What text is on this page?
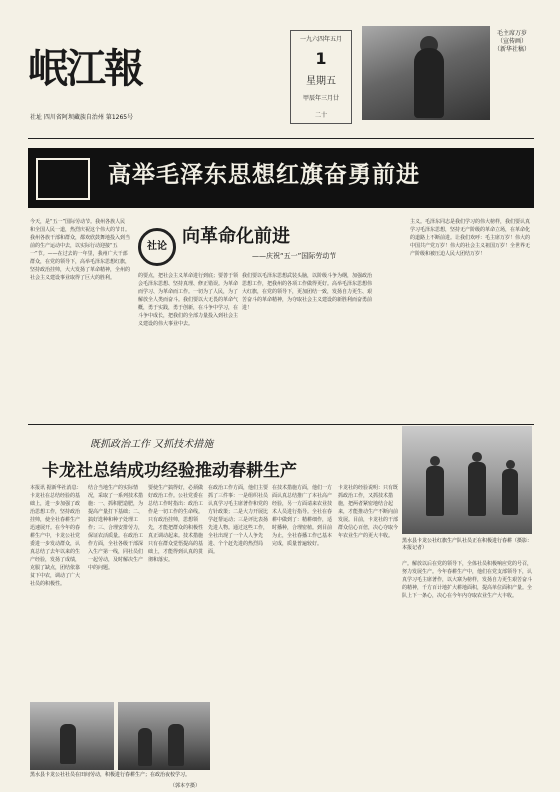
岷江報
社址 四川省阿坝藏族自治州 第1265号
一九六四年五月
1
星期五
甲辰年三月廿
二十
毛主席万岁（宣传画）（新华社稿）
高举毛泽东思想红旗奋勇前进
今天，是“五一”国际劳动节。我州各族人民和全国人民一道，热烈庆祝这个伟大的节日。我州各族干部和群众，都欢欣鼓舞地投入到当前的生产运动中去，以实际行动迎接“五一”节。——在过去的一年里，我州广大干部群众，在党的领导下，高举毛泽东思想红旗，坚持政治挂帅，大大发扬了革命精神，全州的社会主义建设事业取得了巨大的胜利。
社论 向革命化前进
——庆祝“五一”国际劳动节
的要点，把社会主义革命进行到底；要善于领会毛泽东思想、坚持真理、修正错误。为革命而学习、为革命而工作。一切为了人民，为了解放全人类而奋斗。我们要以大无畏的革命气概，勇于实践，勇于创新，在斗争中学习，在斗争中成长，把我们的全部力量投入到社会主义建设的伟大事业中去。
我们要以毛泽东思想武装头脑，以阶级斗争为纲，加强政治思想工作，把我州的各项工作做得更好。高举毛泽东思想伟大红旗，在党的领导下，更加团结一致，发扬自力更生、艰苦奋斗的革命精神，为夺取社会主义建设的新胜利而奋勇前进！
主义。毛泽东同志是我们学习的伟大榜样，我们要认真学习毛泽东思想，坚持无产阶级的革命立场，在革命化的道路上不断前进。让我们欢呼：毛主席万岁！伟大的中国共产党万岁！伟大的社会主义祖国万岁！全世界无产阶级和被压迫人民大团结万岁！
既抓政治工作 又抓技术措施
卡龙社总结成功经验推动春耕生产
本报讯 据新华社消息：卡龙社在总结经验的基础上，进一步加强了政治思想工作，坚持政治挂帅，使全社春耕生产迅速展开。在今年的春耕生产中，卡龙公社党委进一步发动群众，认真总结了去年以来的生产经验，发扬了成绩，克服了缺点，团结依靠贫下中农，调动了广大社员的积极性。
结合当地生产的实际情况，采取了一系列技术措施：一、抓积肥造肥，为提高产量打下基础；二、搞好选种和种子处理工作；三、合理安排劳力，保证农活质量。在政治工作方面，全社各级干部深入生产第一线，同社员们一起劳动，及时解决生产中的问题。
要使生产搞得好，必须做好政治工作。公社党委在总结工作时指出：政治工作是一切工作的生命线。只有政治挂帅，思想领先，才能把群众的积极性真正调动起来。技术措施只有在群众觉悟提高的基础上，才能得到认真的贯彻和落实。
在政治工作方面，他们主要抓了三件事：一是组织社员认真学习毛主席著作和党的方针政策；二是大力开展比学赶帮运动；三是评比表扬先进人物。通过这些工作，全社出现了一个人人争先进、个个赶先进的热烈局面。
在技术措施方面，他们一方面认真总结推广了本社高产经验，另一方面请来农业技术人员进行指导。全社在春耕中做到了：精耕细作，适时播种，合理密植。到目前为止，全社春播工作已基本完成，质量普遍较好。
卡龙社的经验说明：只有既抓政治工作，又抓技术措施，把两者紧密地结合起来，才能推动生产不断向前发展。目前，卡龙社的干部群众信心百倍，决心夺取今年农业生产的更大丰收。
黑水县卡龙公社红旗生产队社员正在积极进行春耕（摄影：本报记者）
产。解放以后在党的领导下，全体社员积极响应党的号召，努力发展生产。今年春耕生产中，他们在党支部领导下，认真学习毛主席著作，以大寨为榜样，发扬自力更生艰苦奋斗的精神，千方百计地扩大耕地面积，提高单位面积产量。全队上下一条心，决心在今年内夺取农业生产大丰收。
黑水县卡龙公社社员在田间劳动，积极进行春耕生产；在政治夜校学习。
（郭本亨摄）
